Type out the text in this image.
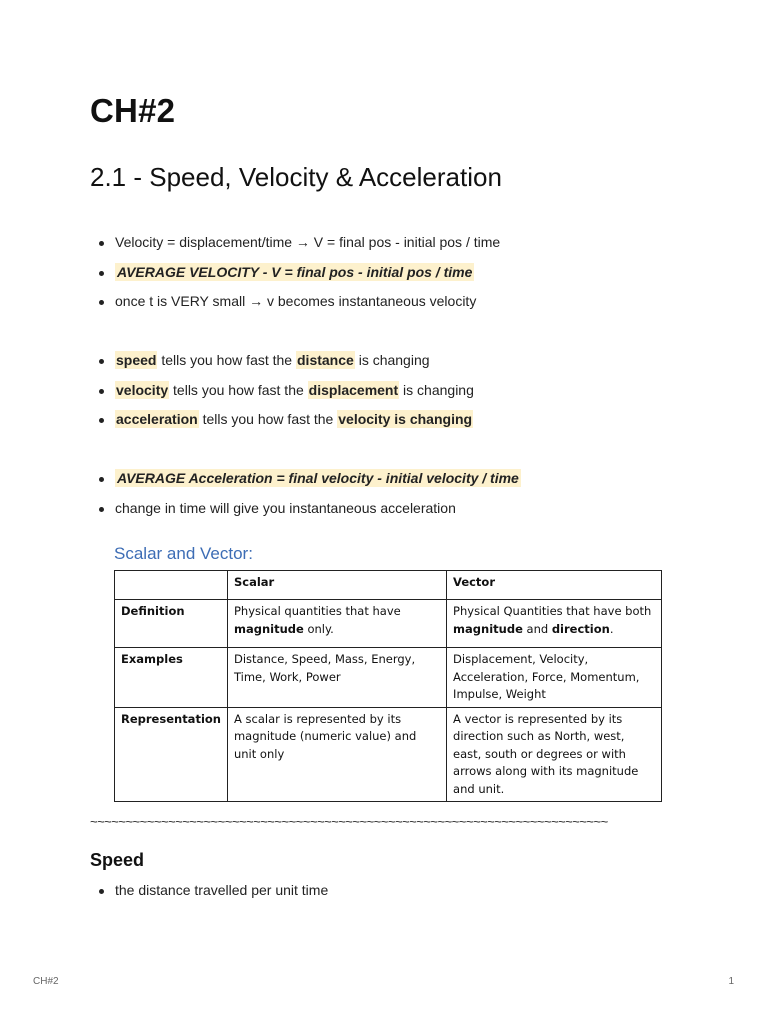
CH#2
2.1 - Speed, Velocity & Acceleration
Velocity = displacement/time → V = final pos - initial pos / time
AVERAGE VELOCITY - V = final pos - initial pos / time
once t is VERY small → v becomes instantaneous velocity
speed tells you how fast the distance is changing
velocity tells you how fast the displacement is changing
acceleration tells you how fast the velocity is changing
AVERAGE Acceleration = final velocity - initial velocity / time
change in time will give you instantaneous acceleration

Scalar and Vector:

	Scalar	Vector
Definition	Physical quantities that have magnitude only.	Physical Quantities that have both magnitude and direction.
Examples	Distance, Speed, Mass, Energy, Time, Work, Power	Displacement, Velocity, Acceleration, Force, Momentum, Impulse, Weight
Representation	A scalar is represented by its magnitude (numeric value) and unit only	A vector is represented by its direction such as North, west, east, south or degrees or with arrows along with its magnitude and unit.
~~~~~~~~~~~~~~~~~~~~~~~~~~~~~~~~~~~~~~~~~~~~~~~~~~~~~~~~~~~~~~~~~~~~~~~~~
Speed
the distance travelled per unit time
CH#2	1
